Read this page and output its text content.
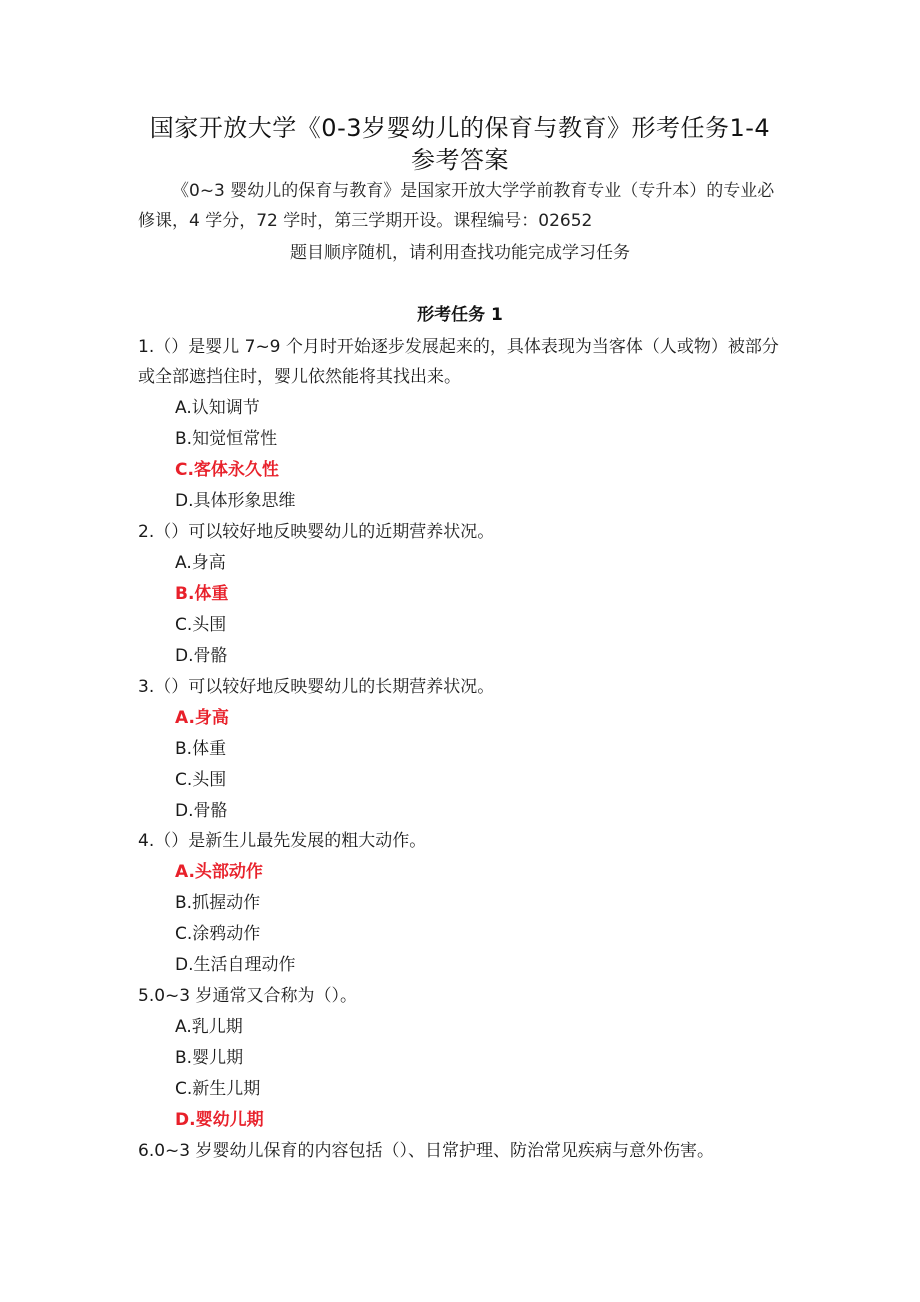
国家开放大学《0-3岁婴幼儿的保育与教育》形考任务1-4
参考答案
《0~3 婴幼儿的保育与教育》是国家开放大学学前教育专业（专升本）的专业必修课，4 学分，72 学时，第三学期开设。课程编号：02652
题目顺序随机，请利用查找功能完成学习任务
形考任务 1
1.（）是婴儿 7~9 个月时开始逐步发展起来的，具体表现为当客体（人或物）被部分或全部遮挡住时，婴儿依然能将其找出来。
A.认知调节
B.知觉恒常性
C.客体永久性
D.具体形象思维
2.（）可以较好地反映婴幼儿的近期营养状况。
A.身高
B.体重
C.头围
D.骨骼
3.（）可以较好地反映婴幼儿的长期营养状况。
A.身高
B.体重
C.头围
D.骨骼
4.（）是新生儿最先发展的粗大动作。
A.头部动作
B.抓握动作
C.涂鸦动作
D.生活自理动作
5.0~3 岁通常又合称为（）。
A.乳儿期
B.婴儿期
C.新生儿期
D.婴幼儿期
6.0~3 岁婴幼儿保育的内容包括（）、日常护理、防治常见疾病与意外伤害。
